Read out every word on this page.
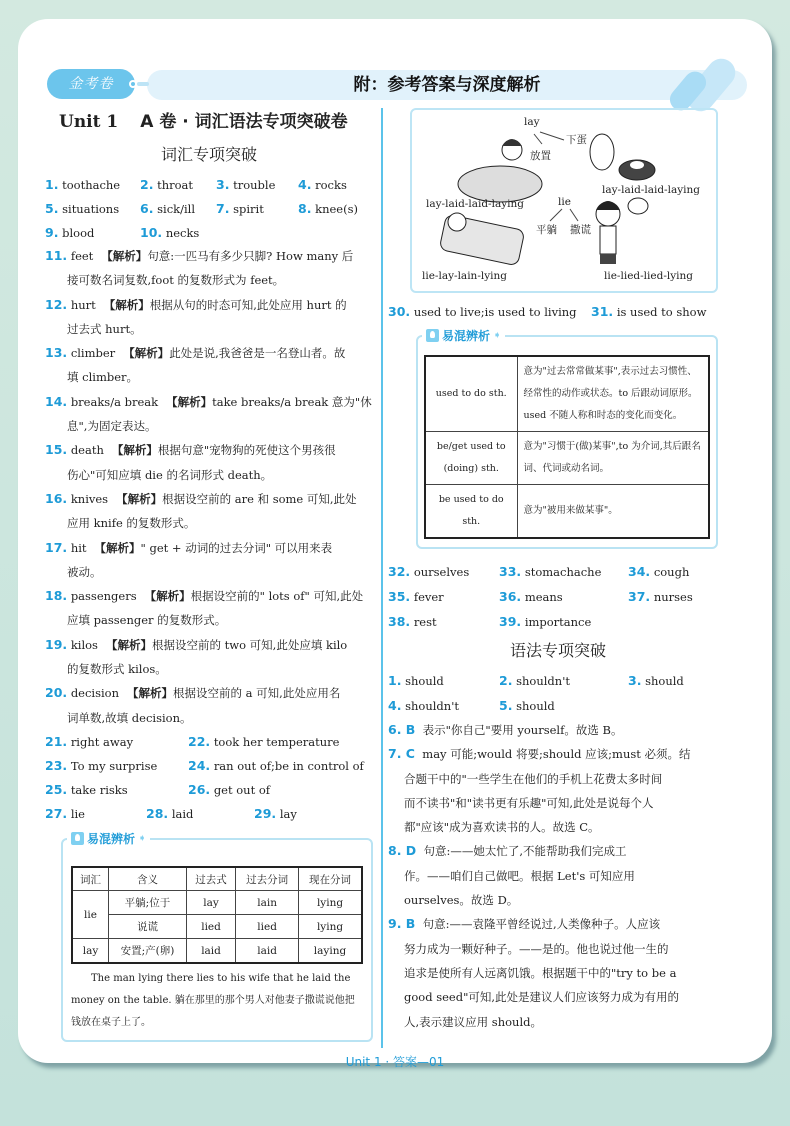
附：参考答案与深度解析
金考卷
Unit 1 A 卷 · 词汇语法专项突破卷
词汇专项突破
1. toothache	2. throat	3. trouble	4. rocks
5. situations	6. sick/ill	7. spirit	8. knee(s)
9. blood	10. necks
11. feet 【解析】句意:一匹马有多少只脚? How many 后
接可数名词复数,foot 的复数形式为 feet。
12. hurt 【解析】根据从句的时态可知,此处应用 hurt 的
过去式 hurt。
13. climber 【解析】此处是说,我爸爸是一名登山者。故
填 climber。
14. breaks/a break 【解析】take breaks/a break 意为"休
息",为固定表达。
15. death 【解析】根据句意"宠物狗的死使这个男孩很
伤心"可知应填 die 的名词形式 death。
16. knives 【解析】根据设空前的 are 和 some 可知,此处
应用 knife 的复数形式。
17. hit 【解析】" get + 动词的过去分词" 可以用来表
被动。
18. passengers 【解析】根据设空前的" lots of" 可知,此处
应填 passenger 的复数形式。
19. kilos 【解析】根据设空前的 two 可知,此处应填 kilo
的复数形式 kilos。
20. decision 【解析】根据设空前的 a 可知,此处应用名
词单数,故填 decision。
21. right away	22. took her temperature
23. To my surprise	24. ran out of;be in control of
25. take risks	26. get out of
27. lie	28. laid	29. lay
易混辨析 ➧
词汇	含义	过去式	过去分词	现在分词
lie	平躺;位于	lay	lain	lying
	说谎	lied	lied	lying
lay	安置;产(卵)	laid	laid	laying
The man lying there lies to his wife that he laid the money on the table. 躺在那里的那个男人对他妻子撒谎说他把钱放在桌子上了。
lay
下蛋
放置
lay-laid-laid-laying
lay-laid-laid-laying	lie
平躺 撒谎
lie-lay-lain-lying	lie-lied-lied-lying
30. used to live;is used to living	31. is used to show
易混辨析 ➧
used to do sth.	意为"过去常常做某事",表示过去习惯性、经常性的动作或状态。to 后跟动词原形。used 不随人称和时态的变化而变化。
be/get used to (doing) sth.	意为"习惯于(做)某事",to 为介词,其后跟名词、代词或动名词。
be used to do sth.	意为"被用来做某事"。
32. ourselves	33. stomachache	34. cough
35. fever	36. means	37. nurses
38. rest	39. importance
语法专项突破
1. should	2. shouldn't	3. should
4. shouldn't	5. should
6. B 表示"你自己"要用 yourself。故选 B。
7. C may 可能;would 将要;should 应该;must 必须。结
合题干中的"一些学生在他们的手机上花费太多时间
而不读书"和"读书更有乐趣"可知,此处是说每个人
都"应该"成为喜欢读书的人。故选 C。
8. D 句意:——她太忙了,不能帮助我们完成工
作。——咱们自己做吧。根据 Let's 可知应用
ourselves。故选 D。
9. B 句意:——袁隆平曾经说过,人类像种子。人应该
努力成为一颗好种子。——是的。他也说过他一生的
追求是使所有人远离饥饿。根据题干中的"try to be a
good seed"可知,此处是建议人们应该努力成为有用的
人,表示建议应用 should。
Unit 1 · 答案—01
